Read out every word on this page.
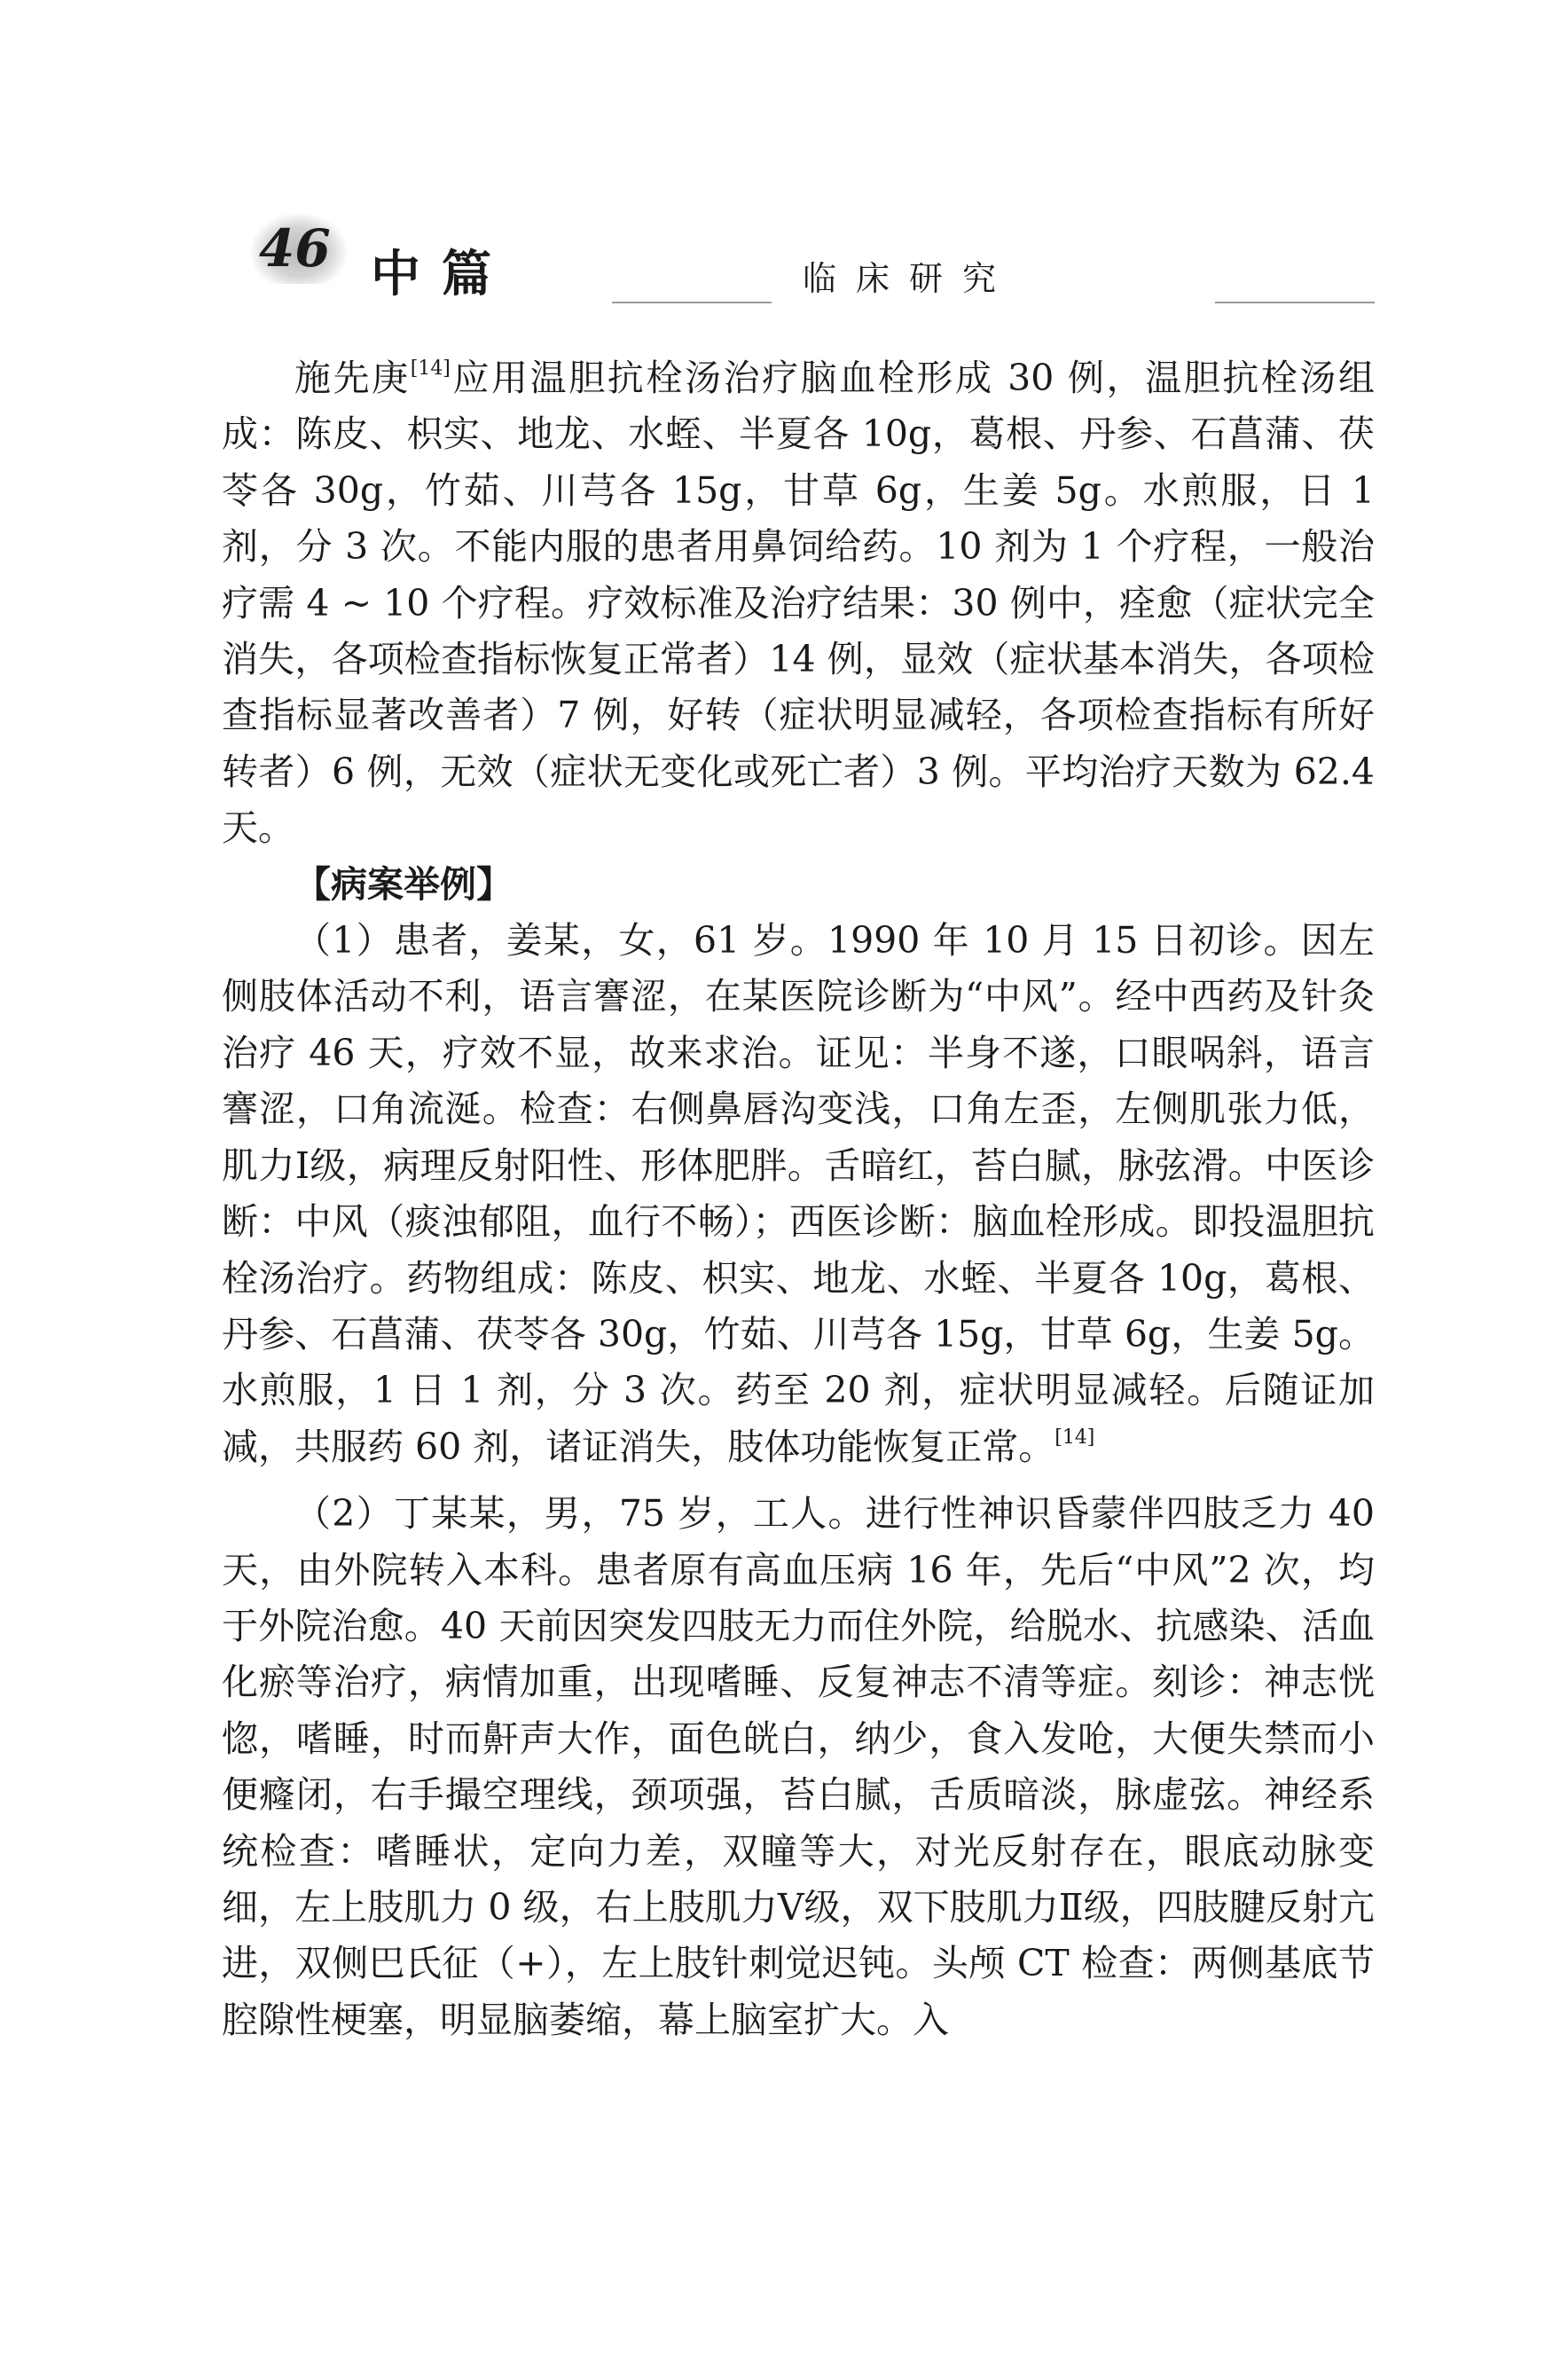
46 中篇	临床研究

施先庚[14]应用温胆抗栓汤治疗脑血栓形成 30 例，温胆抗栓汤组成：陈皮、枳实、地龙、水蛭、半夏各 10g，葛根、丹参、石菖蒲、茯苓各 30g，竹茹、川芎各 15g，甘草 6g，生姜 5g。水煎服，日 1 剂，分 3 次。不能内服的患者用鼻饲给药。10 剂为 1 个疗程，一般治疗需 4 ~ 10 个疗程。疗效标准及治疗结果：30 例中，痊愈（症状完全消失，各项检查指标恢复正常者）14 例，显效（症状基本消失，各项检查指标显著改善者）7 例，好转（症状明显减轻，各项检查指标有所好转者）6 例，无效（症状无变化或死亡者）3 例。平均治疗天数为 62.4 天。

【病案举例】

（1）患者，姜某，女，61 岁。1990 年 10 月 15 日初诊。因左侧肢体活动不利，语言謇涩，在某医院诊断为“中风”。经中西药及针灸治疗 46 天，疗效不显，故来求治。证见：半身不遂，口眼㖞斜，语言謇涩，口角流涎。检查：右侧鼻唇沟变浅，口角左歪，左侧肌张力低，肌力Ⅰ级，病理反射阳性、形体肥胖。舌暗红，苔白腻，脉弦滑。中医诊断：中风（痰浊郁阻，血行不畅）；西医诊断：脑血栓形成。即投温胆抗栓汤治疗。药物组成：陈皮、枳实、地龙、水蛭、半夏各 10g，葛根、丹参、石菖蒲、茯苓各 30g，竹茹、川芎各 15g，甘草 6g，生姜 5g。水煎服，1 日 1 剂，分 3 次。药至 20 剂，症状明显减轻。后随证加减，共服药 60 剂，诸证消失，肢体功能恢复正常。[14]

（2）丁某某，男，75 岁，工人。进行性神识昏蒙伴四肢乏力 40 天，由外院转入本科。患者原有高血压病 16 年，先后“中风”2 次，均于外院治愈。40 天前因突发四肢无力而住外院，给脱水、抗感染、活血化瘀等治疗，病情加重，出现嗜睡、反复神志不清等症。刻诊：神志恍惚，嗜睡，时而鼾声大作，面色㿠白，纳少，食入发呛，大便失禁而小便癃闭，右手撮空理线，颈项强，苔白腻，舌质暗淡，脉虚弦。神经系统检查：嗜睡状，定向力差，双瞳等大，对光反射存在，眼底动脉变细，左上肢肌力 0 级，右上肢肌力Ⅴ级，双下肢肌力Ⅱ级，四肢腱反射亢进，双侧巴氏征（+），左上肢针刺觉迟钝。头颅 CT 检查：两侧基底节腔隙性梗塞，明显脑萎缩，幕上脑室扩大。入
